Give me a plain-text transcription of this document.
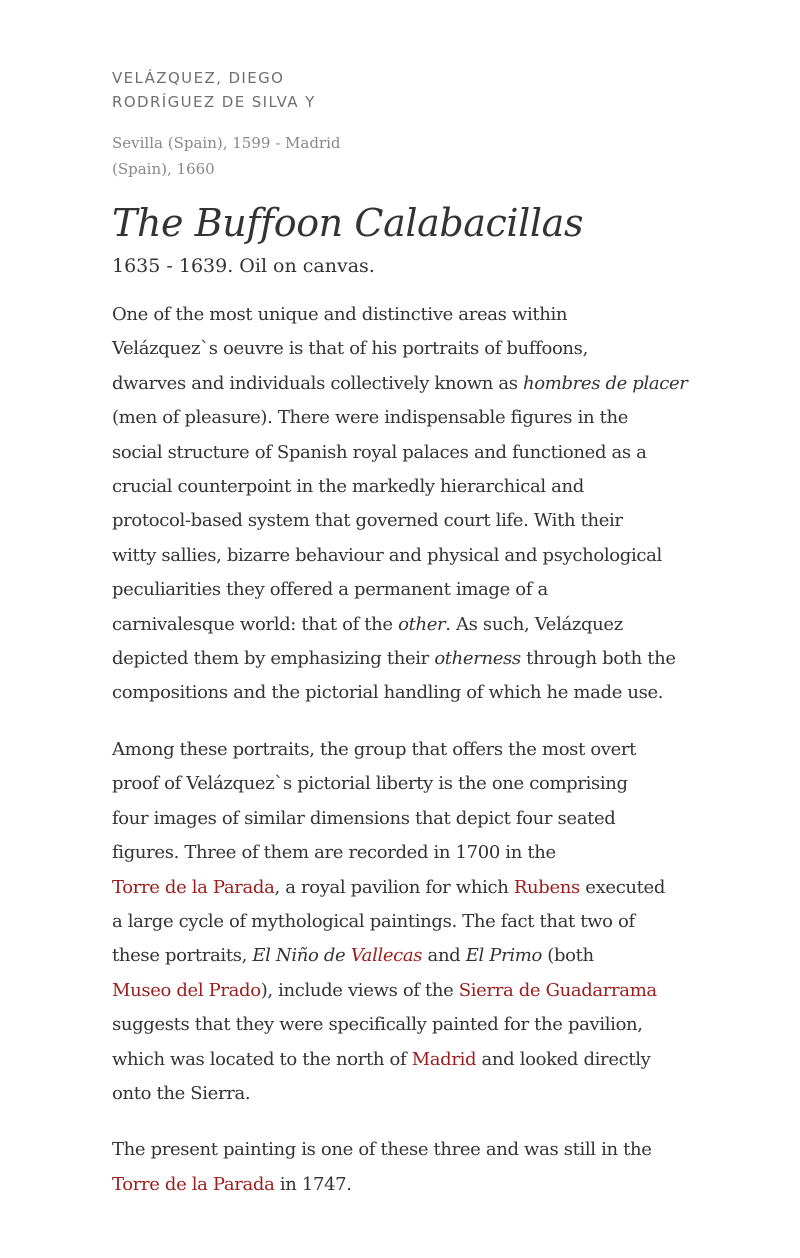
VELÁZQUEZ, DIEGO
RODRÍGUEZ DE SILVA Y
Sevilla (Spain), 1599 - Madrid
(Spain), 1660
The Buffoon Calabacillas
1635 - 1639. Oil on canvas.
One of the most unique and distinctive areas within
Velázquez`s oeuvre is that of his portraits of buffoons,
dwarves and individuals collectively known as hombres de placer
(men of pleasure). There were indispensable figures in the
social structure of Spanish royal palaces and functioned as a
crucial counterpoint in the markedly hierarchical and
protocol-based system that governed court life. With their
witty sallies, bizarre behaviour and physical and psychological
peculiarities they offered a permanent image of a
carnivalesque world: that of the other. As such, Velázquez
depicted them by emphasizing their otherness through both the
compositions and the pictorial handling of which he made use.
Among these portraits, the group that offers the most overt
proof of Velázquez`s pictorial liberty is the one comprising
four images of similar dimensions that depict four seated
figures. Three of them are recorded in 1700 in the
Torre de la Parada, a royal pavilion for which Rubens executed
a large cycle of mythological paintings. The fact that two of
these portraits, El Niño de Vallecas and El Primo (both
Museo del Prado), include views of the Sierra de Guadarrama
suggests that they were specifically painted for the pavilion,
which was located to the north of Madrid and looked directly
onto the Sierra.
The present painting is one of these three and was still in the
Torre de la Parada in 1747.
